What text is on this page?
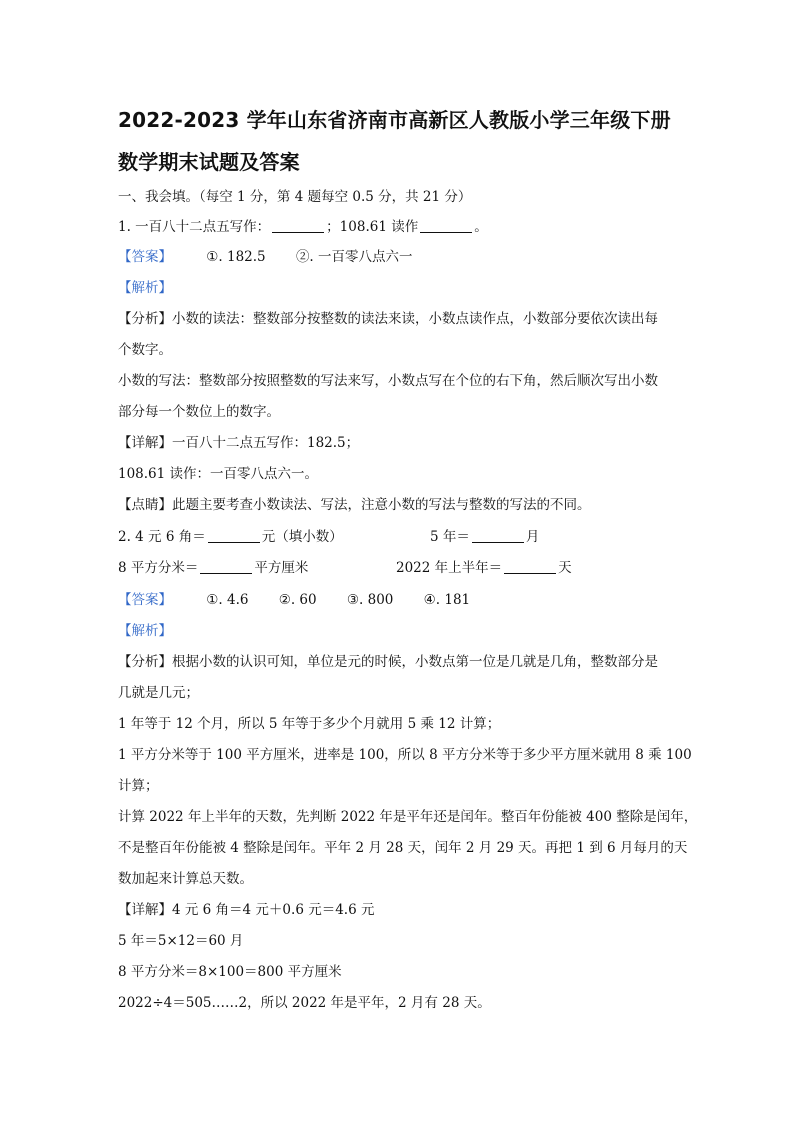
2022-2023 学年山东省济南市高新区人教版小学三年级下册
数学期末试题及答案
一、我会填。（每空 1 分，第 4 题每空 0.5 分，共 21 分）
1. 一百八十二点五写作：	；108.61 读作	。
【答案】	①. 182.5 ②. 一百零八点六一
【解析】
【分析】小数的读法：整数部分按整数的读法来读，小数点读作点，小数部分要依次读出每
个数字。
小数的写法：整数部分按照整数的写法来写，小数点写在个位的右下角，然后顺次写出小数
部分每一个数位上的数字。
【详解】一百八十二点五写作：182.5；
108.61 读作：一百零八点六一。
【点睛】此题主要考查小数读法、写法，注意小数的写法与整数的写法的不同。
2. 4 元 6 角＝	元（填小数）	5 年＝	月
8 平方分米＝	平方厘米	2022 年上半年＝	天
【答案】	①. 4.6 ②. 60 ③. 800 ④. 181
【解析】
【分析】根据小数的认识可知，单位是元的时候，小数点第一位是几就是几角，整数部分是
几就是几元；
1 年等于 12 个月，所以 5 年等于多少个月就用 5 乘 12 计算；
1 平方分米等于 100 平方厘米，进率是 100，所以 8 平方分米等于多少平方厘米就用 8 乘 100
计算；
计算 2022 年上半年的天数，先判断 2022 年是平年还是闰年。整百年份能被 400 整除是闰年，
不是整百年份能被 4 整除是闰年。平年 2 月 28 天，闰年 2 月 29 天。再把 1 到 6 月每月的天
数加起来计算总天数。
【详解】4 元 6 角＝4 元＋0.6 元＝4.6 元
5 年＝5×12＝60 月
8 平方分米＝8×100＝800 平方厘米
2022÷4＝505……2，所以 2022 年是平年，2 月有 28 天。
